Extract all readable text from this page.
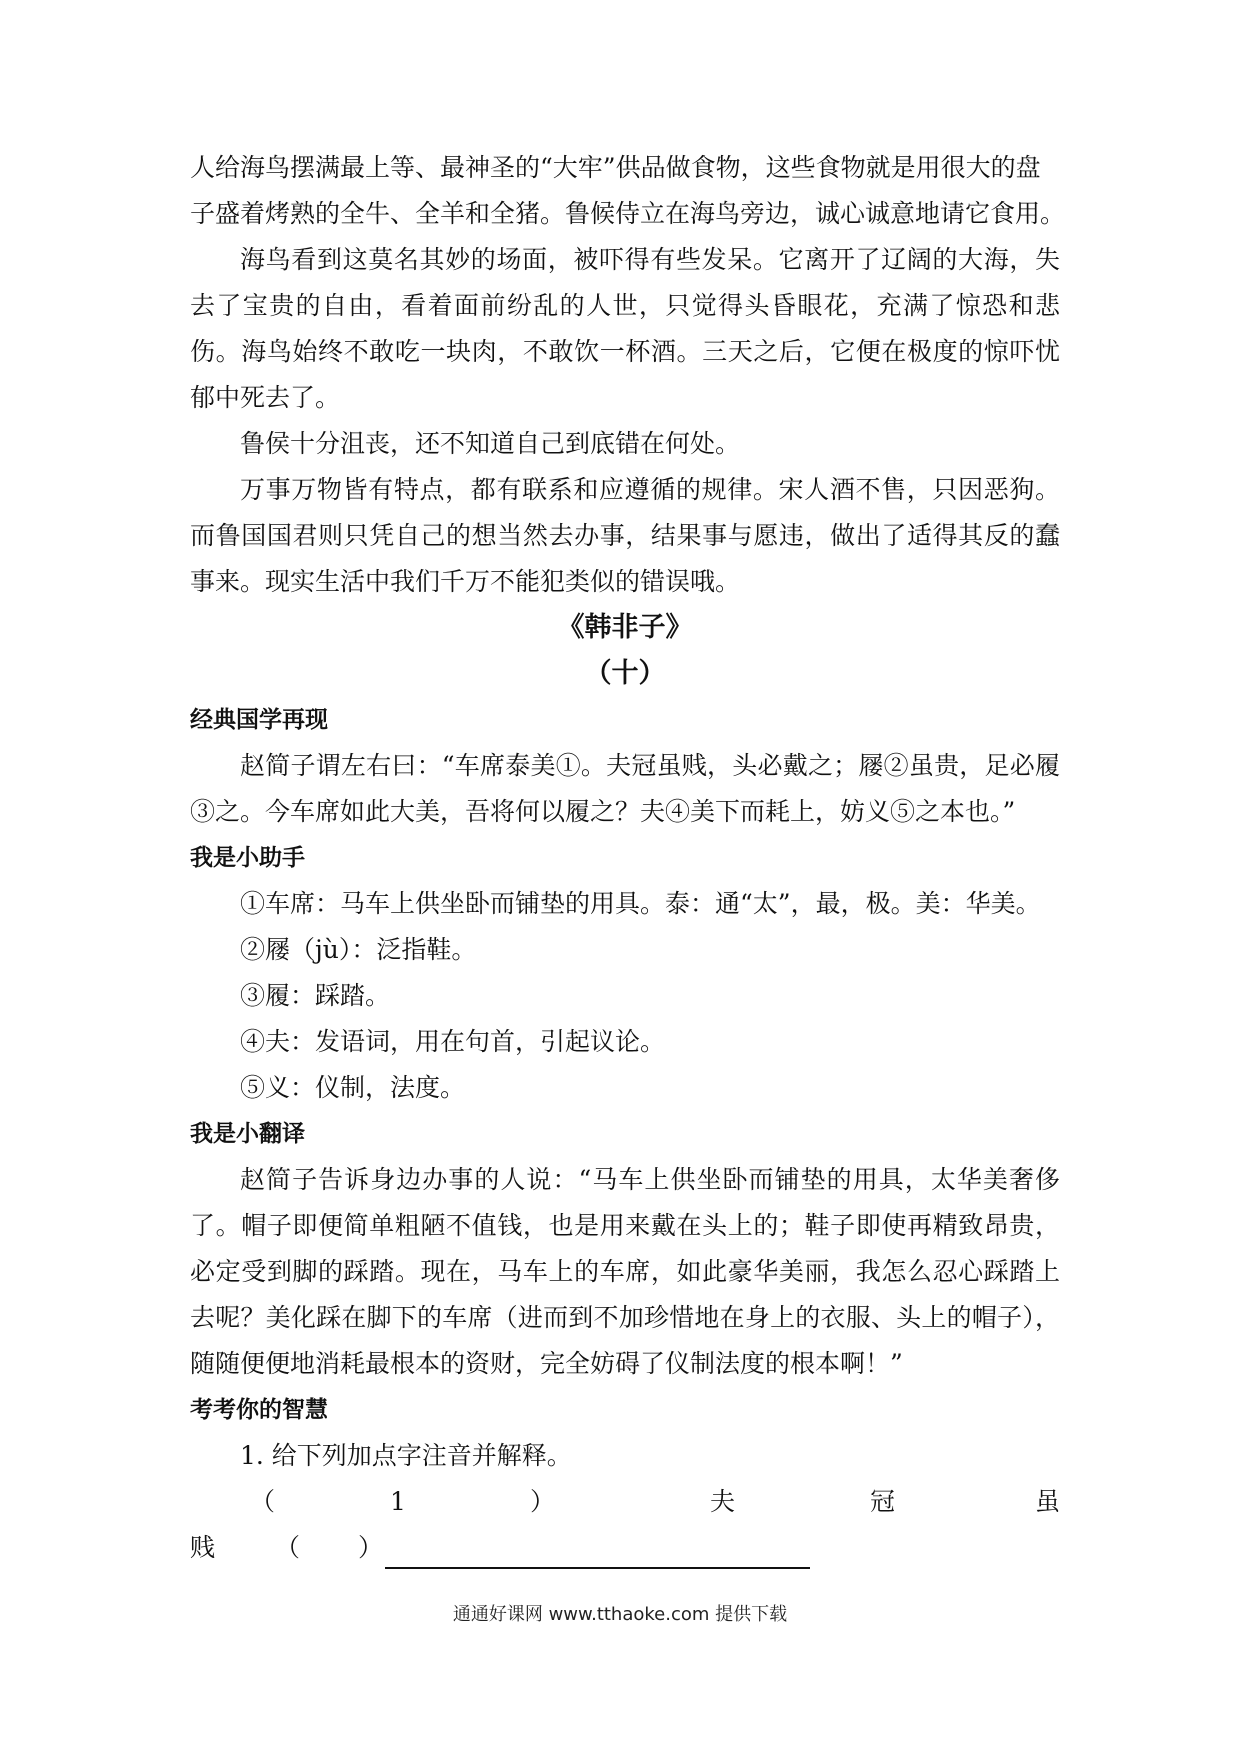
人给海鸟摆满最上等、最神圣的“大牢”供品做食物，这些食物就是用很大的盘

子盛着烤熟的全牛、全羊和全猪。鲁候侍立在海鸟旁边，诚心诚意地请它食用。

海鸟看到这莫名其妙的场面，被吓得有些发呆。它离开了辽阔的大海，失去了宝贵的自由，看着面前纷乱的人世，只觉得头昏眼花，充满了惊恐和悲伤。海鸟始终不敢吃一块肉，不敢饮一杯酒。三天之后，它便在极度的惊吓忧郁中死去了。

鲁侯十分沮丧，还不知道自己到底错在何处。

万事万物皆有特点，都有联系和应遵循的规律。宋人酒不售，只因恶狗。而鲁国国君则只凭自己的想当然去办事，结果事与愿违，做出了适得其反的蠢事来。现实生活中我们千万不能犯类似的错误哦。

《韩非子》

（十）

经典国学再现

赵简子谓左右曰：“车席泰美①。夫冠虽贱，头必戴之；屦②虽贵，足必履③之。今车席如此大美，吾将何以履之？夫④美下而耗上，妨义⑤之本也。”

我是小助手

①车席：马车上供坐卧而铺垫的用具。泰：通“太”，最，极。美：华美。

②屦（jù）：泛指鞋。

③履：踩踏。

④夫：发语词，用在句首，引起议论。

⑤义：仪制，法度。

我是小翻译

赵简子告诉身边办事的人说：“马车上供坐卧而铺垫的用具，太华美奢侈了。帽子即便简单粗陋不值钱，也是用来戴在头上的；鞋子即使再精致昂贵，必定受到脚的踩踏。现在，马车上的车席，如此豪华美丽，我怎么忍心踩踏上去呢？美化踩在脚下的车席（进而到不加珍惜地在身上的衣服、头上的帽子），随随便便地消耗最根本的资财，完全妨碍了仪制法度的根本啊！”

考考你的智慧

1. 给下列加点字注音并解释。

（	1	）	夫	冠	虽
贱 （ ）
通通好课网 www.tthaoke.com 提供下载
